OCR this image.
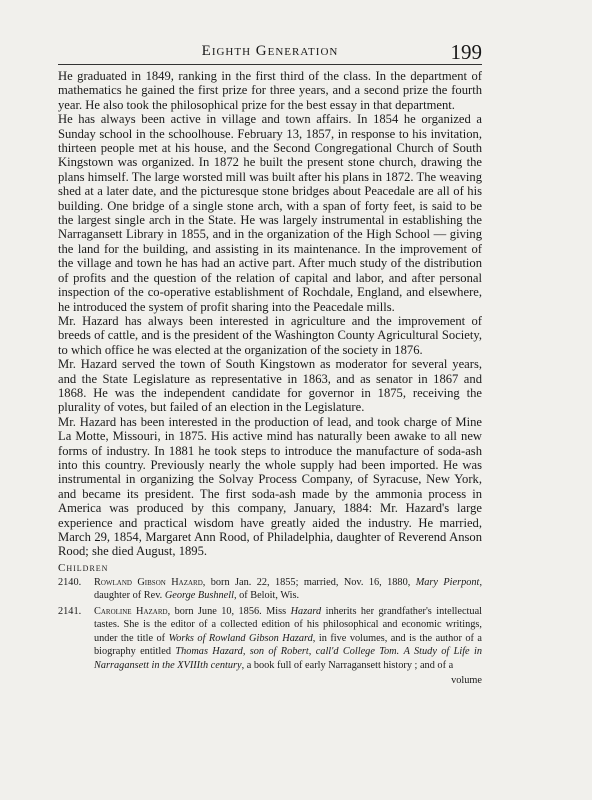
Eighth Generation	199

He graduated in 1849, ranking in the first third of the class. In the department of mathematics he gained the first prize for three years, and a second prize the fourth year. He also took the philosophical prize for the best essay in that department.

He has always been active in village and town affairs. In 1854 he organized a Sunday school in the schoolhouse. February 13, 1857, in response to his invitation, thirteen people met at his house, and the Second Congregational Church of South Kingstown was organized. In 1872 he built the present stone church, drawing the plans himself. The large worsted mill was built after his plans in 1872. The weaving shed at a later date, and the picturesque stone bridges about Peacedale are all of his building. One bridge of a single stone arch, with a span of forty feet, is said to be the largest single arch in the State. He was largely instrumental in establishing the Narragansett Library in 1855, and in the organization of the High School — giving the land for the building, and assisting in its maintenance. In the improvement of the village and town he has had an active part. After much study of the distribution of profits and the question of the relation of capital and labor, and after personal inspection of the co-operative establishment of Rochdale, England, and elsewhere, he introduced the system of profit sharing into the Peacedale mills.

Mr. Hazard has always been interested in agriculture and the improvement of breeds of cattle, and is the president of the Washington County Agricultural Society, to which office he was elected at the organization of the society in 1876.

Mr. Hazard served the town of South Kingstown as moderator for several years, and the State Legislature as representative in 1863, and as senator in 1867 and 1868. He was the independent candidate for governor in 1875, receiving the plurality of votes, but failed of an election in the Legislature.

Mr. Hazard has been interested in the production of lead, and took charge of Mine La Motte, Missouri, in 1875. His active mind has naturally been awake to all new forms of industry. In 1881 he took steps to introduce the manufacture of soda-ash into this country. Previously nearly the whole supply had been imported. He was instrumental in organizing the Solvay Process Company, of Syracuse, New York, and became its president. The first soda-ash made by the ammonia process in America was produced by this company, January, 1884: Mr. Hazard's large experience and practical wisdom have greatly aided the industry. He married, March 29, 1854, Margaret Ann Rood, of Philadelphia, daughter of Reverend Anson Rood; she died August, 1895.

Children
2140. Rowland Gibson Hazard, born Jan. 22, 1855; married, Nov. 16, 1880, Mary Pierpont, daughter of Rev. George Bushnell, of Beloit, Wis.
2141. Caroline Hazard, born June 10, 1856. Miss Hazard inherits her grandfather's intellectual tastes. She is the editor of a collected edition of his philosophical and economic writings, under the title of Works of Rowland Gibson Hazard, in five volumes, and is the author of a biography entitled Thomas Hazard, son of Robert, call'd College Tom. A Study of Life in Narragansett in the XVIIIth century, a book full of early Narragansett history ; and of a
volume
